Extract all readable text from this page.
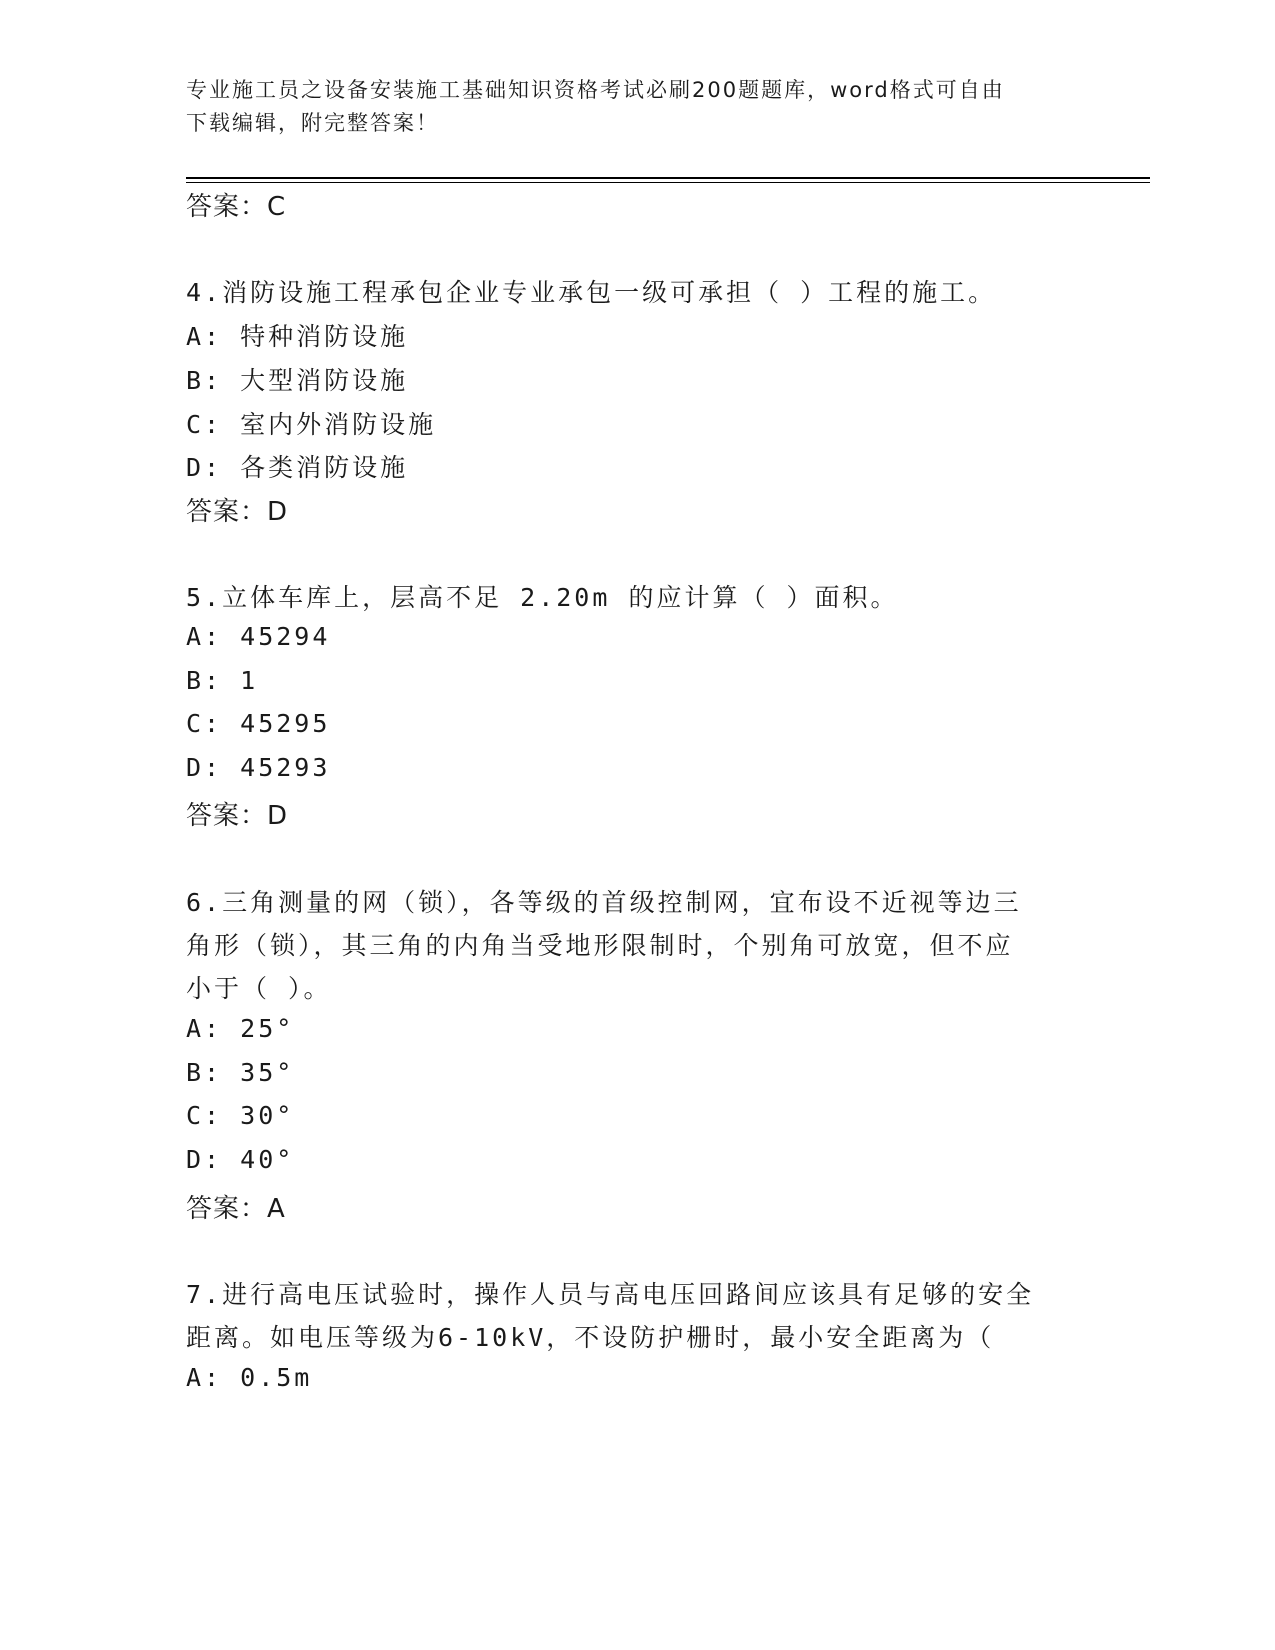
专业施工员之设备安装施工基础知识资格考试必刷200题题库，word格式可自由
下载编辑，附完整答案！
答案：C
4.消防设施工程承包企业专业承包一级可承担（ ）工程的施工。
A: 特种消防设施
B: 大型消防设施
C: 室内外消防设施
D: 各类消防设施
答案：D
5.立体车库上，层高不足 2.20m 的应计算（ ）面积。
A: 45294
B: 1
C: 45295
D: 45293
答案：D
6.三角测量的网（锁），各等级的首级控制网，宜布设不近视等边三
角形（锁），其三角的内角当受地形限制时，个别角可放宽，但不应
小于（ ）。
A: 25°
B: 35°
C: 30°
D: 40°
答案：A
7.进行高电压试验时，操作人员与高电压回路间应该具有足够的安全
距离。如电压等级为6-10kV，不设防护栅时，最小安全距离为（
A: 0.5m
